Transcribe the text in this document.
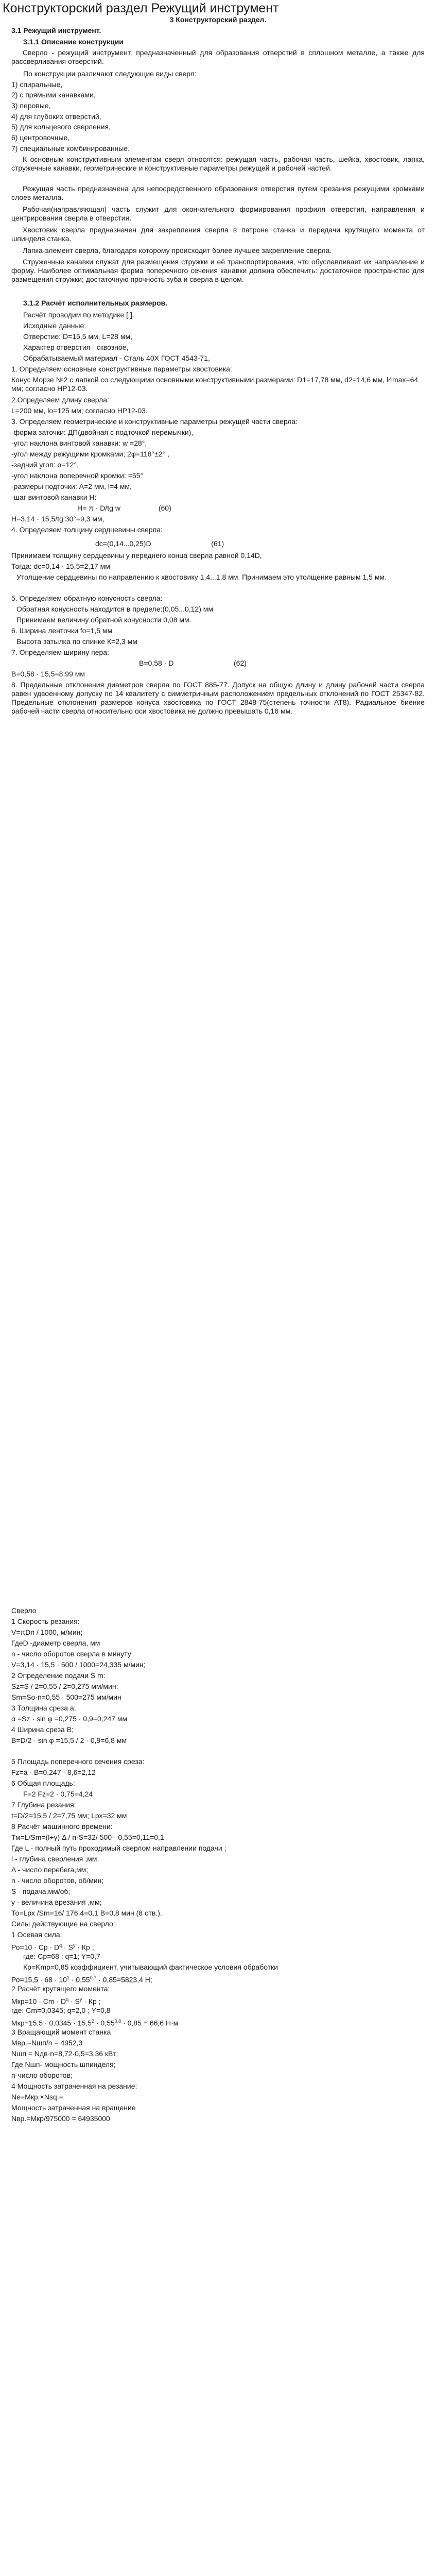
Конструкторский раздел Режущий инструмент

3 Конструкторский раздел.

3.1 Режущий инструмент.

3.1.1 Описание конструкции

Сверло - режущий инструмент, предназначенный для образования отверстий в сплошном металле, а также для рассверливания отверстий.

По конструкции различают следующие виды сверл:

1) спиральные,

2) с прямыми канавками,

3) перовые,

4) для глубоких отверстий,

5) для кольцевого сверления,

6) центровочные,

7) специальные комбинированные.

К основным конструктивным элементам сверл относятся: режущая часть, рабочая часть, шейка, хвостовик, лапка, стружечные канавки, геометрические и конструктивные параметры режущей и рабочей частей.

Режущая часть предназначена для непосредственного образования отверстия путем срезания режущими кромками слоев металла.

Рабочая(направляющая) часть служит для окончательного формирования профиля отверстия, направления и центрирования сверла в отверстии.

Хвостовик сверла предназначен для закрепления сверла в патроне станка и передачи крутящего момента от шпинделя станка.

Лапка-элемент сверла, благодаря которому происходит более лучшее закрепление сверла.

Стружечные канавки служат для размещения стружки и её транспортирования, что обуславливает их направление и форму. Наиболее оптимальная форма поперечного сечения канавки должна обеспечить: достаточное пространство для размещения стружки; достаточную прочность зуба и сверла в целом.

3.1.2 Расчёт исполнительных размеров.

Расчёт проводим по методике [ ].

Исходные данные:

Отверстие: D=15,5 мм, L=28 мм,

Характер отверстия - сквозное,

Обрабатываемый материал - Сталь 40Х ГОСТ 4543-71,

1. Определяем основные конструктивные параметры хвостовика:

Конус Морзе №2 с лапкой со следующими основными конструктивными размерами: D1=17,78 мм, d2=14,6 мм, l4max=64 мм; согласно НР12-03.

2.Определяем длину сверла:

L=200 мм, lo=125 мм; согласно НР12-03.

3. Определяем геометрические и конструктивные параметры режущей части сверла:

-форма заточки: ДП(двойная с подточкой перемычки),

-угол наклона винтовой канавки: w =28°,

-угол между режущими кромками; 2φ=118°±2° ,

-задний угол: α=12°,

-угол наклона поперечной кромки: =55°

-размеры подточки: А=2 мм, l=4 мм,

-шаг винтовой канавки Н:

H= π · D/tg w                   (60)

H=3,14 · 15,5/tg 30°=9,3 мм,

4. Определяем толщину сердцевины сверла:

dc=(0,14...0,25)D                              (61)

Принимаем толщину сердцевины у переднего конца сверла равной 0,14D,

Тогда: dc=0,14 · 15,5=2,17 мм

Утолщение сердцевины по направлению к хвостовику 1,4...1,8 мм. Принимаем это утолщение равным 1,5 мм.

5. Определяем обратную конусность сверла:

Обратная конусность находится в пределе:(0,05...0,12) мм

Принимаем величину обратной конусности 0,08 мм.

6. Ширина ленточки fo=1,5 мм

Высота затылка по спинке К=2,3 мм

7. Определяем ширину пера:

B=0,58 · D                              (62)

B=0,58 · 15,5=8,99 мм

8. Предельные отклонения диаметров сверла по ГОСТ 885-77. Допуск на общую длину и длину рабочей части сверла равен удвоенному допуску по 14 квалитету с симметричным расположением предельных отклонений по ГОСТ 25347-82. Предельные отклонения размеров конуса хвостовика по ГОСТ 2848-75(степень точности АТ8). Радиальное биение рабочей части сверла относительно оси хвостовика не должно превышать 0,16 мм.

Сверло

1 Скорость резания:

V=πDn / 1000, м/мин;

ГдеD -диаметр сверла, мм

n - число оборотов сверла в минуту

V=3,14 · 15,5 · 500 / 1000=24,335 м/мин;

2 Определение подачи S m:

Sz=S / 2=0,55 / 2=0,275 мм/мин;

Sm=Sо·n=0,55 · 500=275 мм/мин

3 Толщина среза a;

α =Sz · sin φ =0,275 · 0,9=0,247 мм

4 Ширина среза B;

B=D/2 · sin φ =15,5 / 2 · 0,9=6,8 мм

5 Площадь поперечного сечения среза:

Fz=a · B=0,247 · 8,6=2,12

6 Общая площадь:

F=2 Fz=2 · 0,75=4,24

7 Глубина резания:

t=D/2=15,5 / 2=7,75 мм; Lрх=32 мм

8 Расчёт машинного времени:

Тм=L/Sm=(l+y) Δ / n·S=32/ 500 · 0,55=0,11=0,1

Где L - полный путь проходимый сверлом направлении подачи ;

l - глубина сверления ,мм;

Δ - число перебега,мм;

n - число оборотов, об/мин;

S - подача,мм/об;

y - величина врезания ,мм;

То=Lрх /Sm=16/ 176,4=0,1 В=0,8 мин (8 отв.).

Силы действующие на сверло:

1 Осевая сила:

Ро=10 · Ср · $D^q \cdot S^y$ · Кр ;

где: Ср=68 ; q=1; Y=0,7

Кр=Kmp=0,85 коэффициент, учитывающий фактическое условия обработки

$Ро=15,5 \cdot 68 \cdot 10^1 \cdot 0,55^{0,7} \cdot 0,85=5823,4$ Н;

2 Расчёт крутящего момента:

$Мкр=10 \cdot Cm \cdot D^q \cdot S^y$ · Кр ;

где: Cm=0,0345; q=2,0 ; Y=0,8

$Мкр=15,5 \cdot 0,0345 \cdot 15,5^2 \cdot 0,55^{0,8} \cdot 0,85 = 66,6$ Н·м

3 Вращающий момент станка

Мвр.=Nшп/n = 4952,3

Nшп = Nдв·n=8,72·0,5=3,36 кВт;

Где Nшп- мощность шпинделя;

n-число оборотов;

4 Мощность затраченная на резание:

Ne=Мкр.×Nsq.=

Мощность затраченная на вращение

Nвр.=Мкр/975000 = 64935000
